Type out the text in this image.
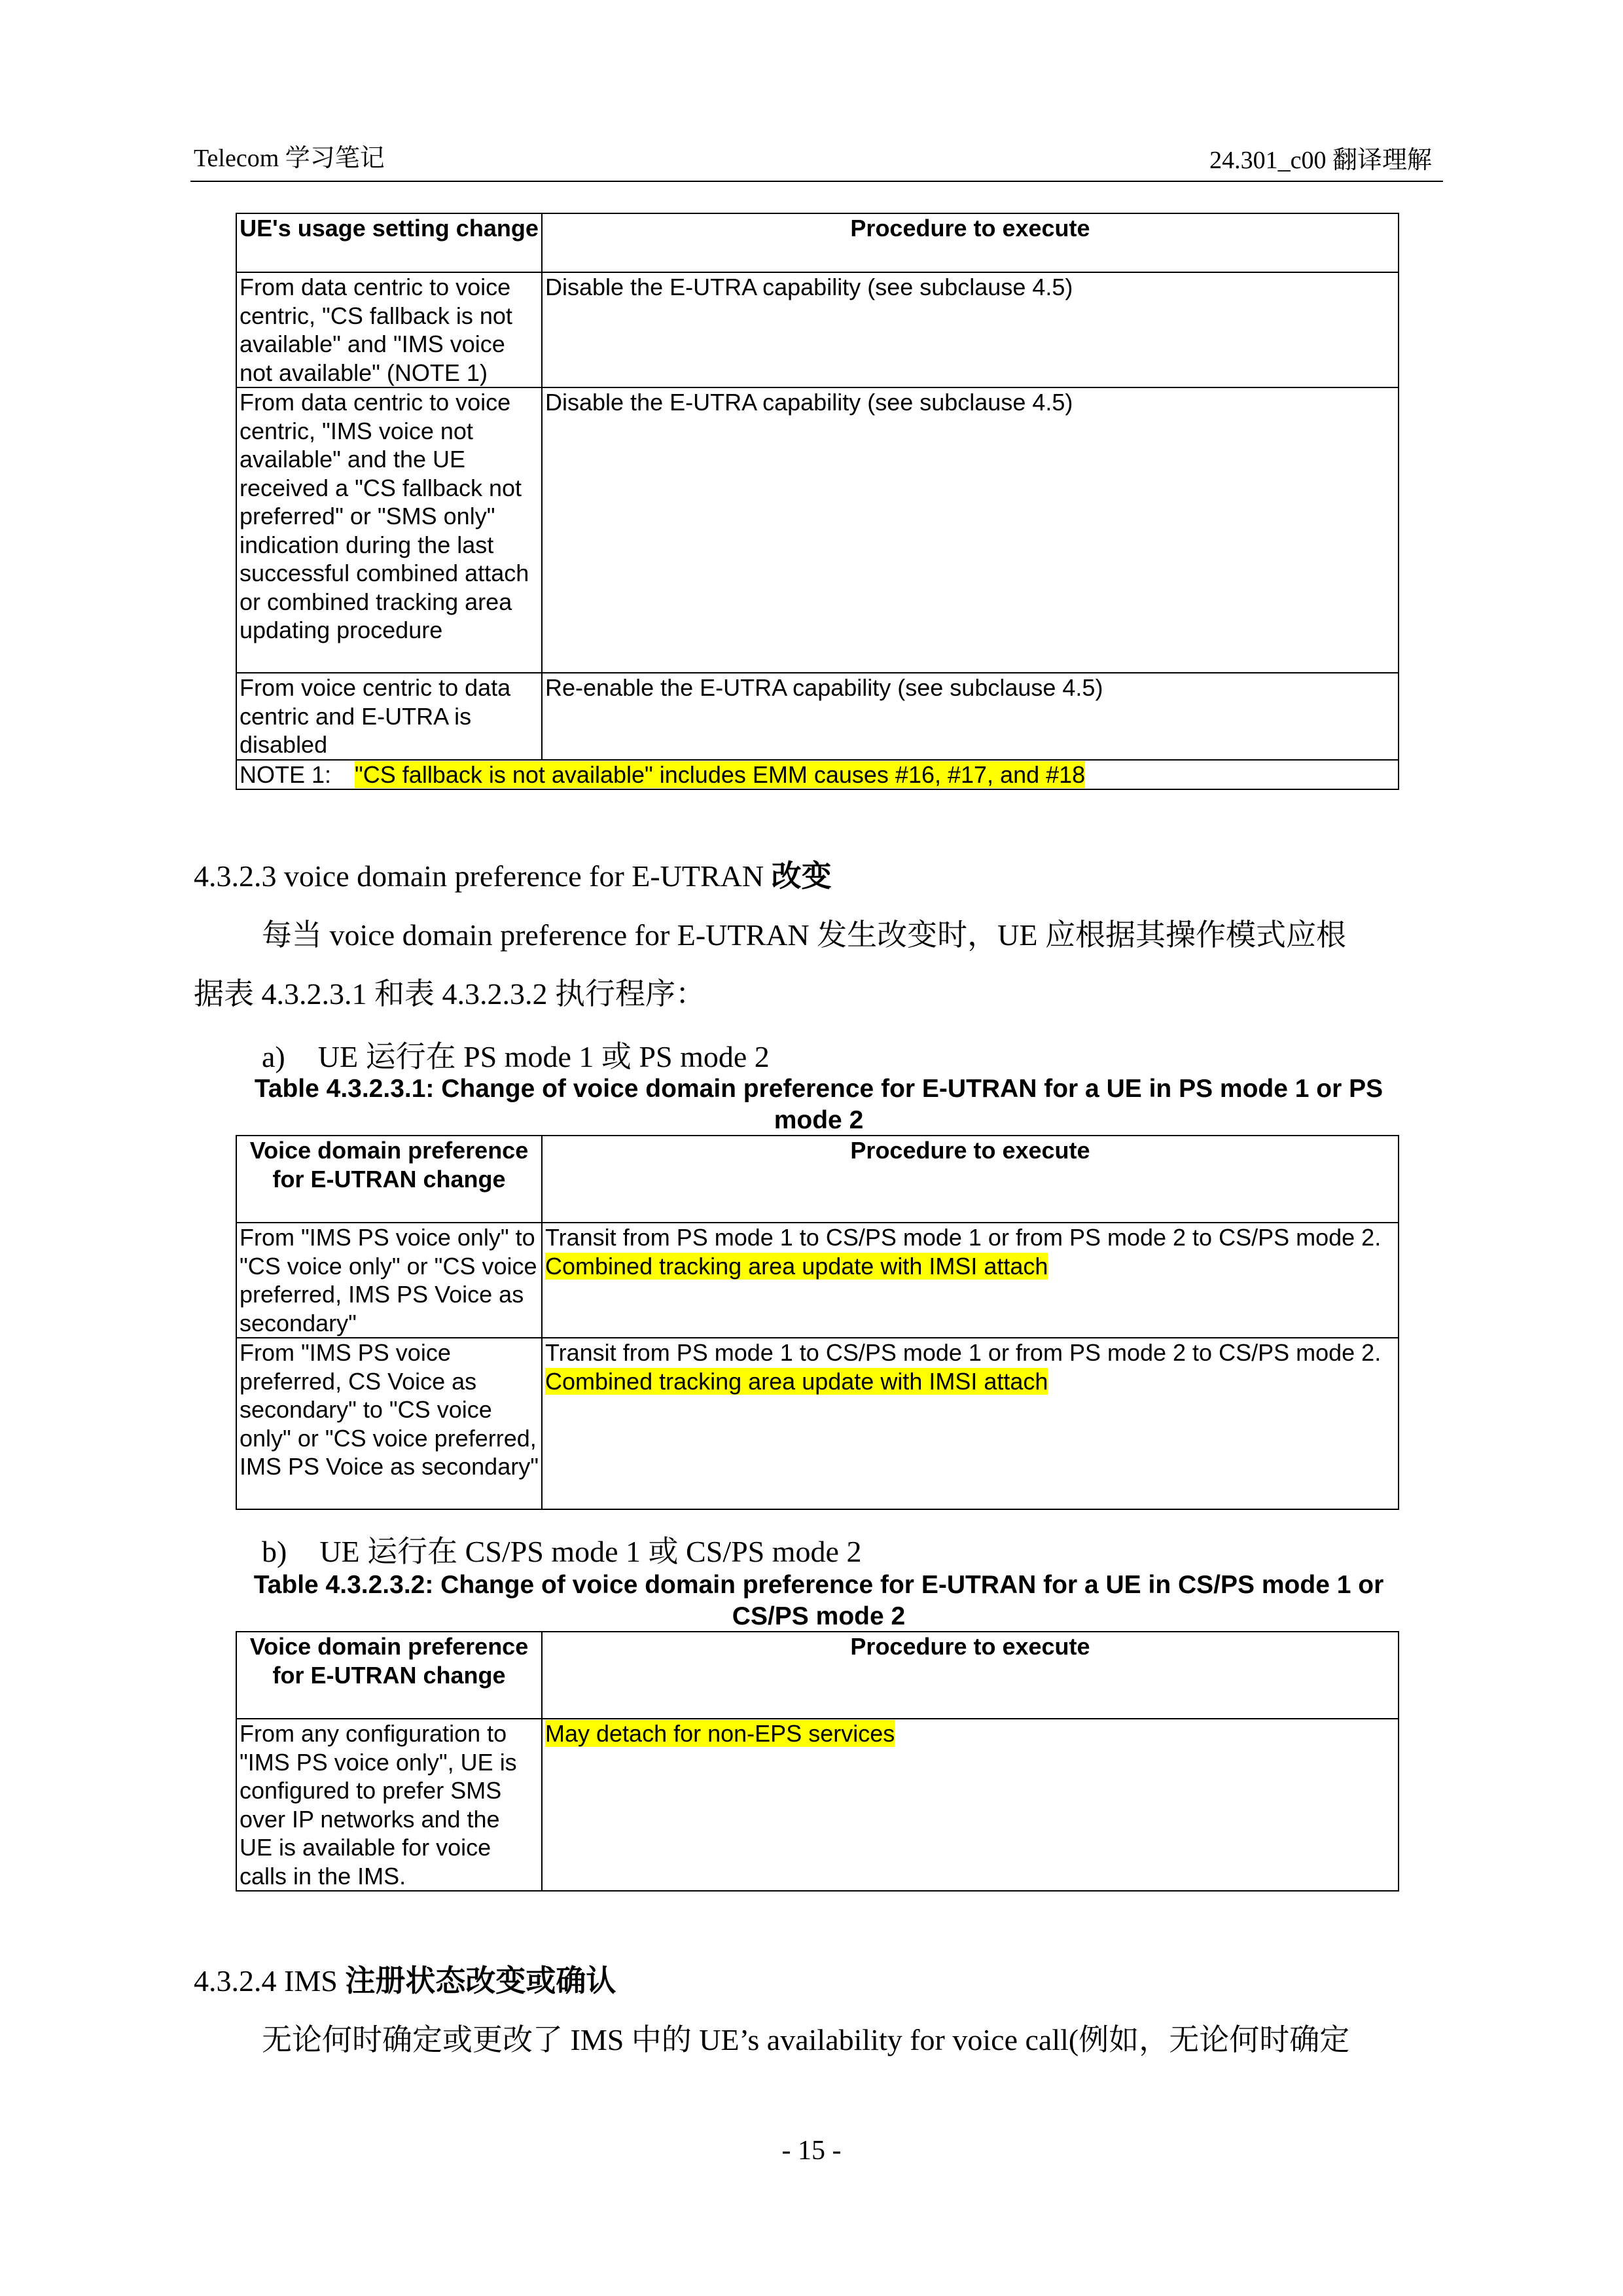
Telecom 学习笔记	24.301_c00 翻译理解
UE's usage setting change	Procedure to execute
From data centric to voice centric, "CS fallback is not available" and "IMS voice not available" (NOTE 1)	Disable the E-UTRA capability (see subclause 4.5)
From data centric to voice centric, "IMS voice not available" and the UE received a "CS fallback not preferred" or "SMS only" indication during the last successful combined attach or combined tracking area updating procedure	Disable the E-UTRA capability (see subclause 4.5)
From voice centric to data centric and E-UTRA is disabled	Re-enable the E-UTRA capability (see subclause 4.5)
NOTE 1: "CS fallback is not available" includes EMM causes #16, #17, and #18	
4.3.2.3 voice domain preference for E-UTRAN 改变
每当 voice domain preference for E-UTRAN 发生改变时，UE 应根据其操作模式应根
据表 4.3.2.3.1 和表 4.3.2.3.2 执行程序：
a) UE 运行在 PS mode 1 或 PS mode 2
Table 4.3.2.3.1: Change of voice domain preference for E-UTRAN for a UE in PS mode 1 or PS
mode 2
Voice domain preference for E-UTRAN change	Procedure to execute
From "IMS PS voice only" to "CS voice only" or "CS voice preferred, IMS PS Voice as secondary"	Transit from PS mode 1 to CS/PS mode 1 or from PS mode 2 to CS/PS mode 2. Combined tracking area update with IMSI attach
From "IMS PS voice preferred, CS Voice as secondary" to "CS voice only" or "CS voice preferred, IMS PS Voice as secondary"	Transit from PS mode 1 to CS/PS mode 1 or from PS mode 2 to CS/PS mode 2. Combined tracking area update with IMSI attach
b) UE 运行在 CS/PS mode 1 或 CS/PS mode 2
Table 4.3.2.3.2: Change of voice domain preference for E-UTRAN for a UE in CS/PS mode 1 or
CS/PS mode 2
Voice domain preference for E-UTRAN change	Procedure to execute
From any configuration to "IMS PS voice only", UE is configured to prefer SMS over IP networks and the UE is available for voice calls in the IMS.	May detach for non-EPS services
4.3.2.4 IMS 注册状态改变或确认
无论何时确定或更改了 IMS 中的 UE’s availability for voice call(例如，无论何时确定
- 15 -
